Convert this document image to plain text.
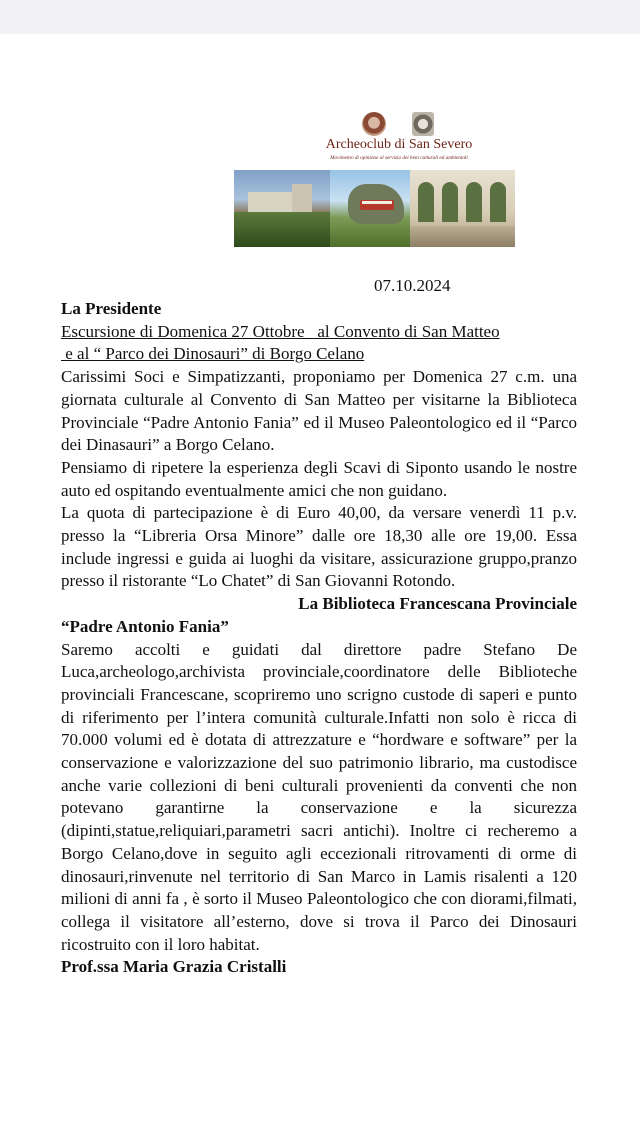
Archeoclub di San Severo
Movimento di opinione al servizio dei beni culturali ed ambientali
07.10.2024

La Presidente

Escursione di Domenica 27 Ottobre   al Convento di San Matteo

e al “ Parco dei Dinosauri” di Borgo Celano

Carissimi Soci e Simpatizzanti, proponiamo per Domenica 27 c.m. una giornata culturale al Convento di San Matteo per visitarne la Biblioteca Provinciale “Padre Antonio Fania” ed il Museo Paleontologico ed il “Parco dei Dinasauri” a Borgo Celano.

Pensiamo di ripetere la esperienza degli Scavi di Siponto usando le nostre auto ed ospitando eventualmente amici che non guidano.

La quota di partecipazione è di Euro 40,00, da versare venerdì 11 p.v. presso la “Libreria Orsa Minore” dalle ore 18,30 alle ore 19,00. Essa include ingressi e guida ai luoghi da visitare, assicurazione gruppo,pranzo presso il ristorante “Lo Chatet” di San Giovanni Rotondo.

La Biblioteca Francescana Provinciale

“Padre Antonio Fania”

Saremo accolti e guidati dal direttore padre Stefano De Luca,archeologo,archivista provinciale,coordinatore delle Biblioteche provinciali Francescane, scopriremo uno scrigno custode di saperi e punto di riferimento per l’intera comunità culturale.Infatti non solo è ricca di 70.000 volumi ed è dotata di attrezzature e “hordware e software” per la conservazione e valorizzazione del suo patrimonio librario, ma custodisce anche varie collezioni di beni culturali provenienti da conventi che non potevano garantirne la conservazione e la sicurezza (dipinti,statue,reliquiari,parametri sacri antichi). Inoltre ci recheremo a Borgo Celano,dove in seguito agli eccezionali ritrovamenti di orme di dinosauri,rinvenute nel territorio di San Marco in Lamis risalenti a 120 milioni di anni fa , è sorto il Museo Paleontologico che con diorami,filmati, collega il visitatore all’esterno, dove si trova il Parco dei Dinosauri ricostruito con il loro habitat.

Prof.ssa Maria Grazia Cristalli
